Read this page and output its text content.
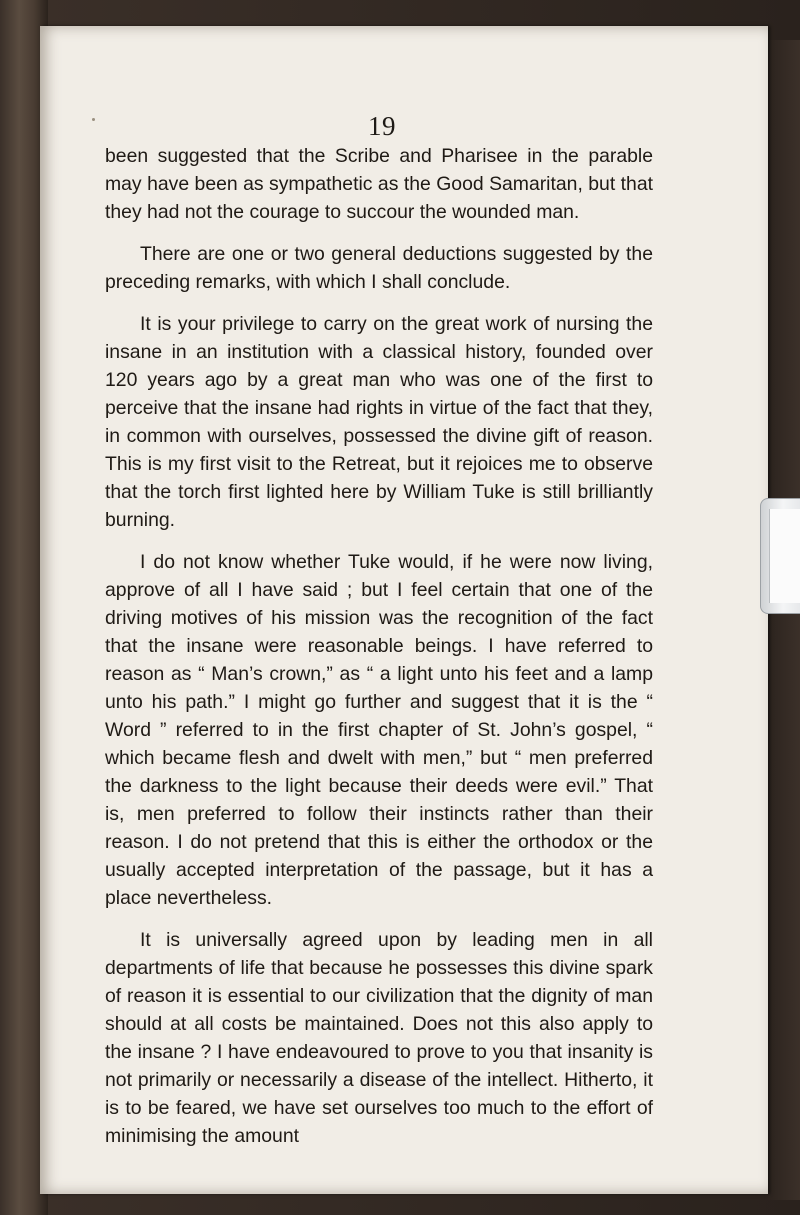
19

been suggested that the Scribe and Pharisee in the parable may have been as sympathetic as the Good Samaritan, but that they had not the courage to succour the wounded man.

There are one or two general deductions suggested by the preceding remarks, with which I shall conclude.

It is your privilege to carry on the great work of nursing the insane in an institution with a classical history, founded over 120 years ago by a great man who was one of the first to perceive that the insane had rights in virtue of the fact that they, in common with ourselves, possessed the divine gift of reason. This is my first visit to the Retreat, but it rejoices me to observe that the torch first lighted here by William Tuke is still brilliantly burning.

I do not know whether Tuke would, if he were now living, approve of all I have said ; but I feel certain that one of the driving motives of his mission was the recognition of the fact that the insane were reasonable beings. I have referred to reason as “ Man’s crown,” as “ a light unto his feet and a lamp unto his path.” I might go further and suggest that it is the “ Word ” referred to in the first chapter of St. John’s gospel, “ which became flesh and dwelt with men,” but “ men preferred the darkness to the light because their deeds were evil.” That is, men preferred to follow their instincts rather than their reason. I do not pretend that this is either the orthodox or the usually accepted interpretation of the passage, but it has a place nevertheless.

It is universally agreed upon by leading men in all departments of life that because he possesses this divine spark of reason it is essential to our civilization that the dignity of man should at all costs be maintained. Does not this also apply to the insane ? I have endeavoured to prove to you that insanity is not primarily or necessarily a disease of the intellect. Hitherto, it is to be feared, we have set ourselves too much to the effort of minimising the amount
